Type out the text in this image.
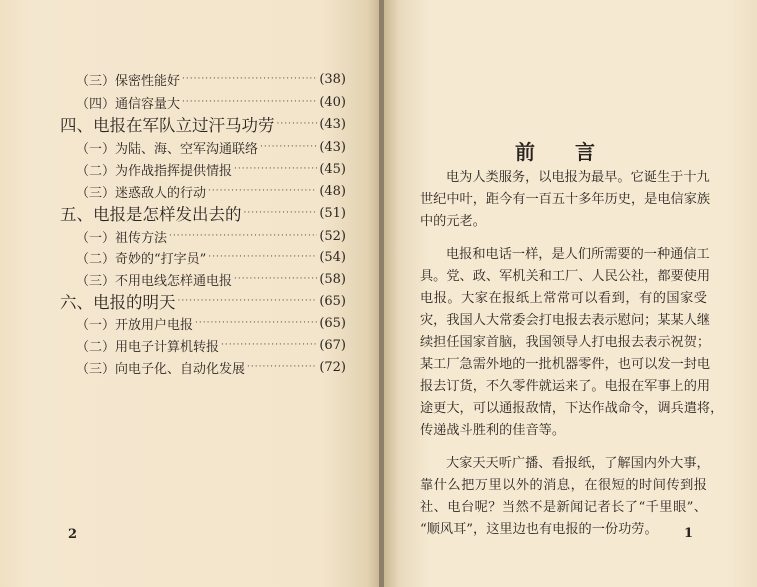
（三）保密性能好 ·····	(38)
（四）通信容量大 ·····	(40)
四、电报在军队立过汗马功劳 ·····	(43)
（一）为陆、海、空军沟通联络 ·····	(43)
（二）为作战指挥提供情报 ·····	(45)
（三）迷惑敌人的行动 ·····	(48)
五、电报是怎样发出去的 ·····	(51)
（一）祖传方法 ·····	(52)
（二）奇妙的“打字员” ·····	(54)
（三）不用电线怎样通电报 ·····	(58)
六、电报的明天 ·····	(65)
（一）开放用户电报 ·····	(65)
（二）用电子计算机转报 ·····	(67)
（三）向电子化、自动化发展 ·····	(72)
2
前言
电为人类服务，以电报为最早。它诞生于十九
世纪中叶，距今有一百五十多年历史，是电信家族
中的元老。
电报和电话一样，是人们所需要的一种通信工
具。党、政、军机关和工厂、人民公社，都要使用
电报。大家在报纸上常常可以看到，有的国家受
灾，我国人大常委会打电报去表示慰问；某某人继
续担任国家首脑，我国领导人打电报去表示祝贺；
某工厂急需外地的一批机器零件，也可以发一封电
报去订货，不久零件就运来了。电报在军事上的用
途更大，可以通报敌情，下达作战命令，调兵遣将，
传递战斗胜利的佳音等。
大家天天听广播、看报纸，了解国内外大事，
靠什么把万里以外的消息，在很短的时间传到报
社、电台呢？当然不是新闻记者长了“千里眼”、
“顺风耳”，这里边也有电报的一份功劳。	1
